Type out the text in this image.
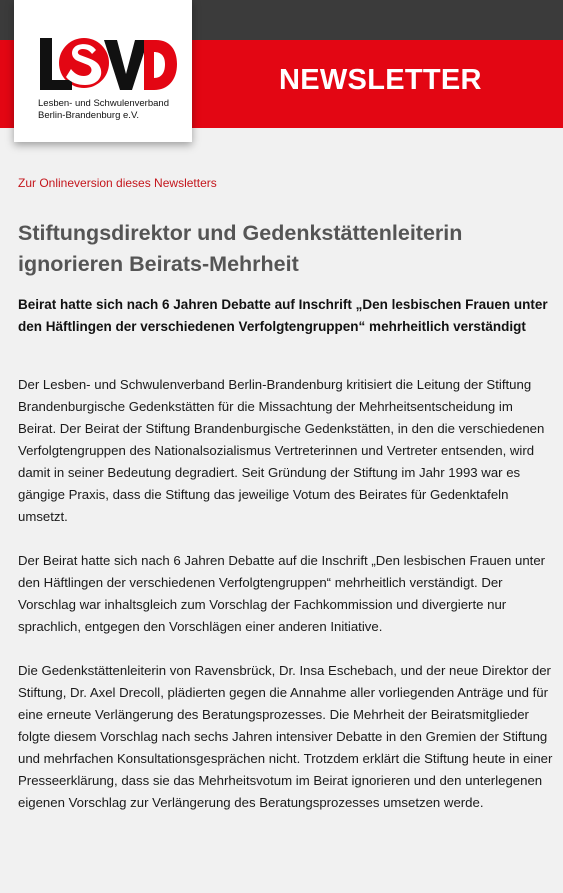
NEWSLETTER
Lesben- und Schwulenverband
Berlin-Brandenburg e.V.
Zur Onlineversion dieses Newsletters
Stiftungsdirektor und Gedenkstättenleiterin ignorieren Beirats-Mehrheit

Beirat hatte sich nach 6 Jahren Debatte auf Inschrift „Den lesbischen Frauen unter den Häftlingen der verschiedenen Verfolgtengruppen“ mehrheitlich verständigt

Der Lesben- und Schwulenverband Berlin-Brandenburg kritisiert die Leitung der Stiftung Brandenburgische Gedenkstätten für die Missachtung der Mehrheitsentscheidung im Beirat. Der Beirat der Stiftung Brandenburgische Gedenkstätten, in den die verschiedenen Verfolgtengruppen des Nationalsozialismus Vertreterinnen und Vertreter entsenden, wird damit in seiner Bedeutung degradiert. Seit Gründung der Stiftung im Jahr 1993 war es gängige Praxis, dass die Stiftung das jeweilige Votum des Beirates für Gedenktafeln umsetzt.

Der Beirat hatte sich nach 6 Jahren Debatte auf die Inschrift „Den lesbischen Frauen unter den Häftlingen der verschiedenen Verfolgtengruppen“ mehrheitlich verständigt. Der Vorschlag war inhaltsgleich zum Vorschlag der Fachkommission und divergierte nur sprachlich, entgegen den Vorschlägen einer anderen Initiative.

Die Gedenkstättenleiterin von Ravensbrück, Dr. Insa Eschebach, und der neue Direktor der Stiftung, Dr. Axel Drecoll, plädierten gegen die Annahme aller vorliegenden Anträge und für eine erneute Verlängerung des Beratungsprozesses. Die Mehrheit der Beiratsmitglieder folgte diesem Vorschlag nach sechs Jahren intensiver Debatte in den Gremien der Stiftung und mehrfachen Konsultationsgesprächen nicht. Trotzdem erklärt die Stiftung heute in einer Presseerklärung, dass sie das Mehrheitsvotum im Beirat ignorieren und den unterlegenen eigenen Vorschlag zur Verlängerung des Beratungsprozesses umsetzen werde.
